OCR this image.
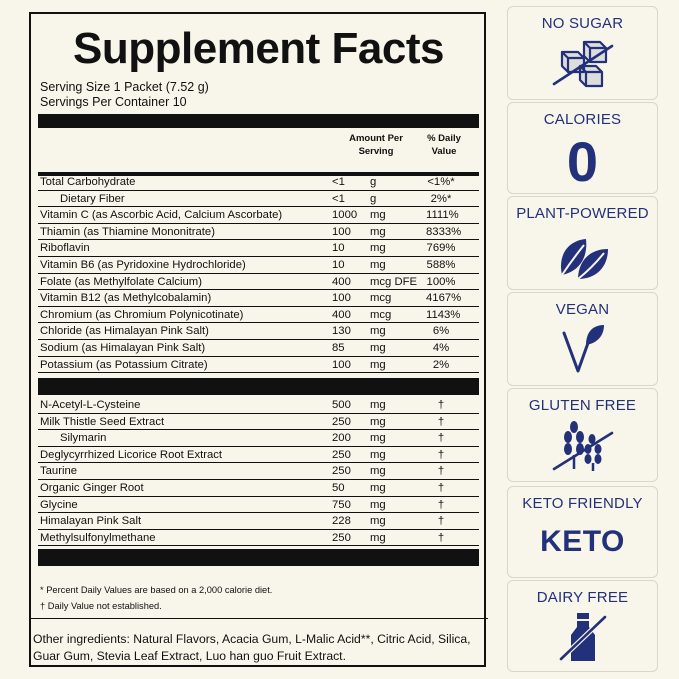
Supplement Facts
Serving Size 1 Packet (7.52 g)
Servings Per Container 10
Amount Per Serving
% Daily Value
Total Carbohydrate	<1 g	<1%*
Dietary Fiber	<1 g	2%*
Vitamin C (as Ascorbic Acid, Calcium Ascorbate)	1000 mg	1111%
Thiamin (as Thiamine Mononitrate)	100 mg	8333%
Riboflavin	10 mg	769%
Vitamin B6 (as Pyridoxine Hydrochloride)	10 mg	588%
Folate (as Methylfolate Calcium)	400 mcg DFE 100%
Vitamin B12 (as Methylcobalamin)	100 mcg	4167%
Chromium (as Chromium Polynicotinate)	400 mcg	1143%
Chloride (as Himalayan Pink Salt)	130 mg	6%
Sodium (as Himalayan Pink Salt)	85 mg	4%
Potassium (as Potassium Citrate)	100 mg	2%
N-Acetyl-L-Cysteine	500 mg	†
Milk Thistle Seed Extract	250 mg	†
Silymarin	200 mg	†
Deglycyrrhized Licorice Root Extract	250 mg	†
Taurine	250 mg	†
Organic Ginger Root	50 mg	†
Glycine	750 mg	†
Himalayan Pink Salt	228 mg	†
Methylsulfonylmethane	250 mg	†
* Percent Daily Values are based on a 2,000 calorie diet.
† Daily Value not established.
Other ingredients: Natural Flavors, Acacia Gum, L-Malic Acid**, Citric Acid, Silica, Guar Gum, Stevia Leaf Extract, Luo han guo Fruit Extract.
NO SUGAR
CALORIES
0
PLANT-POWERED
VEGAN
GLUTEN FREE
KETO FRIENDLY
KETO
DAIRY FREE
